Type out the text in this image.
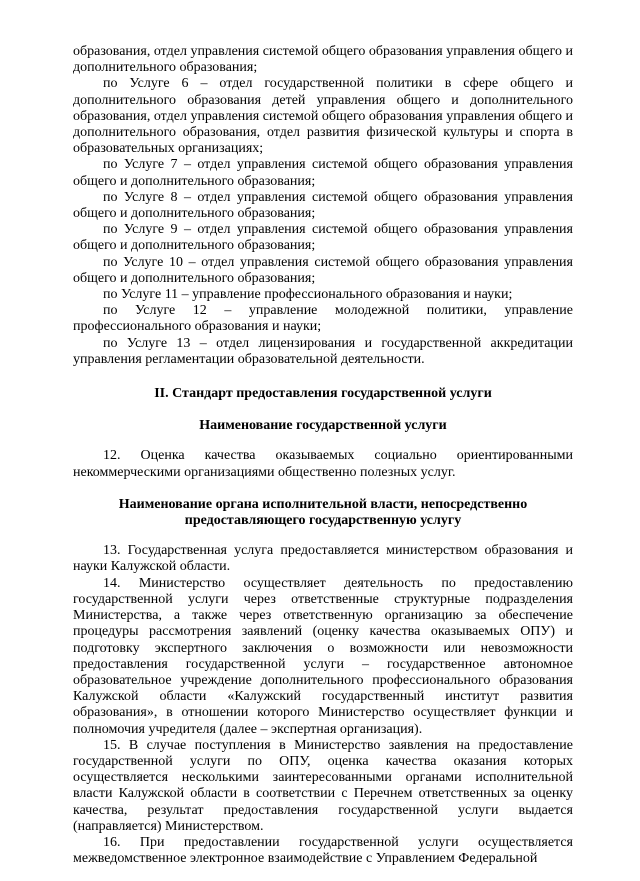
образования, отдел управления системой общего образования управления общего и дополнительного образования;

по Услуге 6 – отдел государственной политики в сфере общего и дополнительного образования детей управления общего и дополнительного образования, отдел управления системой общего образования управления общего и дополнительного образования, отдел развития физической культуры и спорта в образовательных организациях;

по Услуге 7 – отдел управления системой общего образования управления общего и дополнительного образования;

по Услуге 8 – отдел управления системой общего образования управления общего и дополнительного образования;

по Услуге 9 – отдел управления системой общего образования управления общего и дополнительного образования;

по Услуге 10 – отдел управления системой общего образования управления общего и дополнительного образования;

по Услуге 11 – управление профессионального образования и науки;

по Услуге 12 – управление молодежной политики, управление профессионального образования и науки;

по Услуге 13 – отдел лицензирования и государственной аккредитации управления регламентации образовательной деятельности.

II. Стандарт предоставления государственной услуги

Наименование государственной услуги

12. Оценка качества оказываемых социально ориентированными некоммерческими организациями общественно полезных услуг.

Наименование органа исполнительной власти, непосредственно

предоставляющего государственную услугу

13. Государственная услуга предоставляется министерством образования и науки Калужской области.

14. Министерство осуществляет деятельность по предоставлению государственной услуги через ответственные структурные подразделения Министерства, а также через ответственную организацию за обеспечение процедуры рассмотрения заявлений (оценку качества оказываемых ОПУ) и подготовку экспертного заключения о возможности или невозможности предоставления государственной услуги – государственное автономное образовательное учреждение дополнительного профессионального образования Калужской области «Калужский государственный институт развития образования», в отношении которого Министерство осуществляет функции и полномочия учредителя (далее – экспертная организация).

15. В случае поступления в Министерство заявления на предоставление государственной услуги по ОПУ, оценка качества оказания которых осуществляется несколькими заинтересованными органами исполнительной власти Калужской области в соответствии с Перечнем ответственных за оценку качества, результат предоставления государственной услуги выдается (направляется) Министерством.

16. При предоставлении государственной услуги осуществляется межведомственное электронное взаимодействие с Управлением Федеральной
